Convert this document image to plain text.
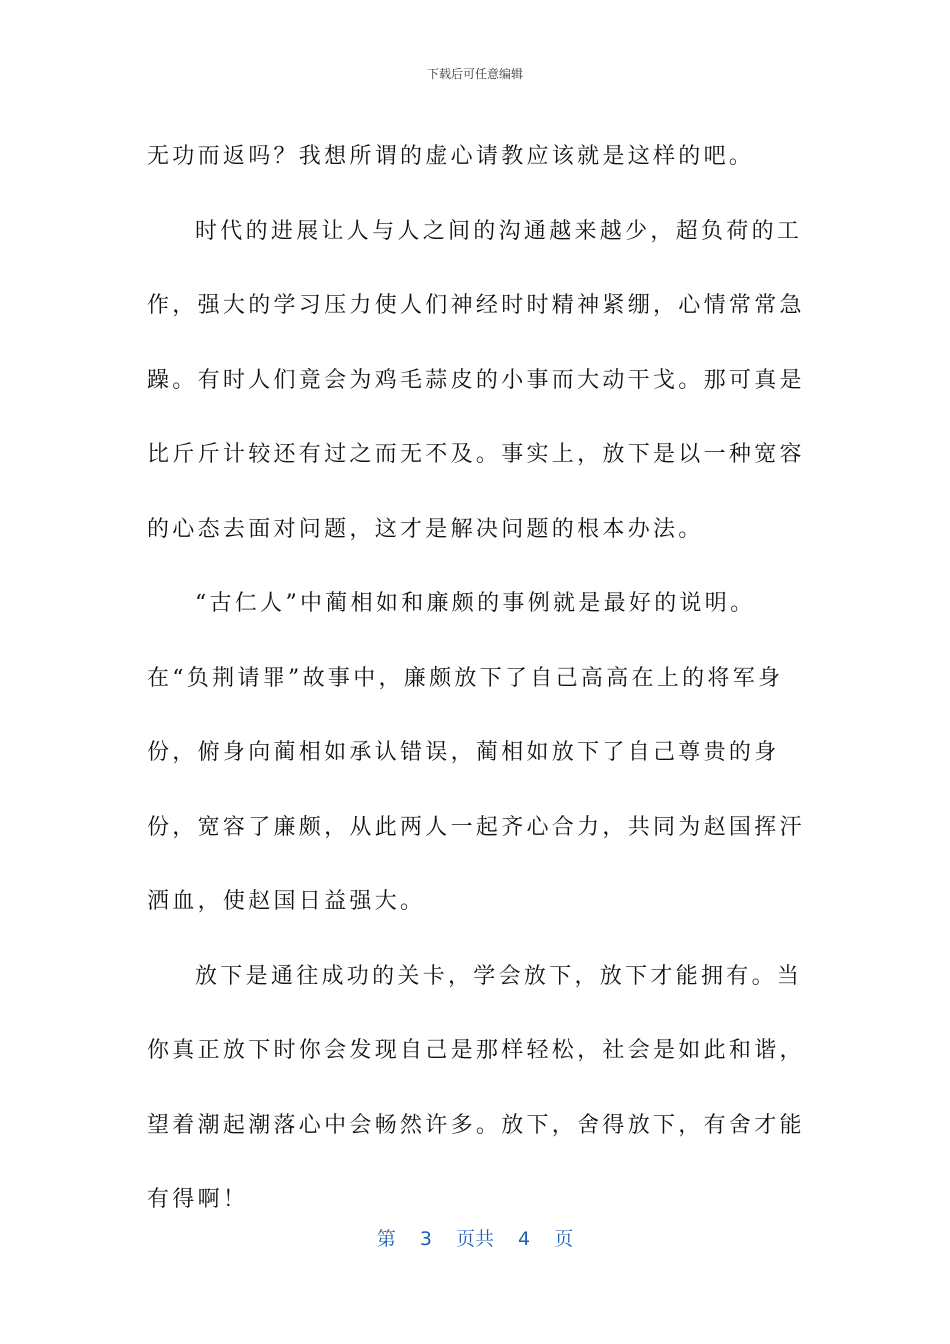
下载后可任意编辑

无功而返吗？我想所谓的虚心请教应该就是这样的吧。

时代的进展让人与人之间的沟通越来越少，超负荷的工作，强大的学习压力使人们神经时时精神紧绷，心情常常急躁。有时人们竟会为鸡毛蒜皮的小事而大动干戈。那可真是比斤斤计较还有过之而无不及。事实上，放下是以一种宽容的心态去面对问题，这才是解决问题的根本办法。

“古仁人”中蔺相如和廉颇的事例就是最好的说明。在“负荆请罪”故事中，廉颇放下了自己高高在上的将军身份，俯身向蔺相如承认错误，蔺相如放下了自己尊贵的身份，宽容了廉颇，从此两人一起齐心合力，共同为赵国挥汗洒血，使赵国日益强大。

放下是通往成功的关卡，学会放下，放下才能拥有。当你真正放下时你会发现自己是那样轻松，社会是如此和谐，望着潮起潮落心中会畅然许多。放下，舍得放下，有舍才能有得啊！

第 3 页共 4 页
